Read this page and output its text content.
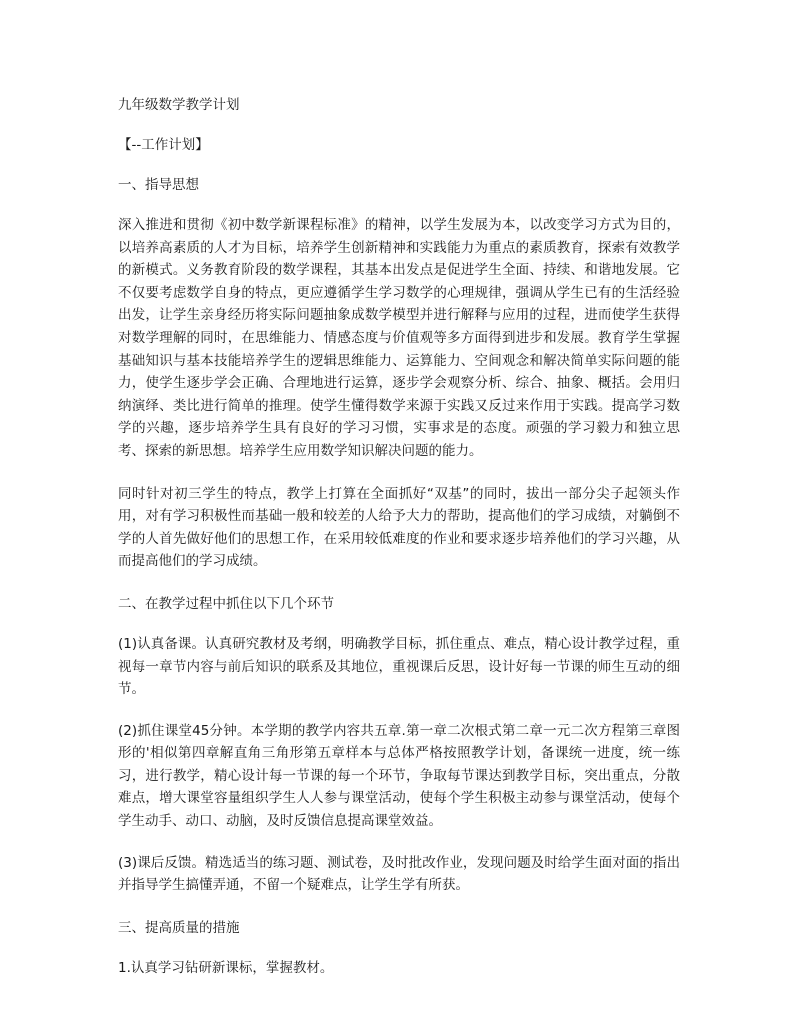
九年级数学教学计划

【--工作计划】

一、指导思想

深入推进和贯彻《初中数学新课程标准》的精神，以学生发展为本，以改变学习方式为目的，以培养高素质的人才为目标，培养学生创新精神和实践能力为重点的素质教育，探索有效教学的新模式。义务教育阶段的数学课程，其基本出发点是促进学生全面、持续、和谐地发展。它不仅要考虑数学自身的特点，更应遵循学生学习数学的心理规律，强调从学生已有的生活经验出发，让学生亲身经历将实际问题抽象成数学模型并进行解释与应用的过程，进而使学生获得对数学理解的同时，在思维能力、情感态度与价值观等多方面得到进步和发展。教育学生掌握基础知识与基本技能培养学生的逻辑思维能力、运算能力、空间观念和解决简单实际问题的能力，使学生逐步学会正确、合理地进行运算，逐步学会观察分析、综合、抽象、概括。会用归纳演绎、类比进行简单的推理。使学生懂得数学来源于实践又反过来作用于实践。提高学习数学的兴趣，逐步培养学生具有良好的学习习惯，实事求是的态度。顽强的学习毅力和独立思考、探索的新思想。培养学生应用数学知识解决问题的能力。

同时针对初三学生的特点，教学上打算在全面抓好“双基”的同时，拔出一部分尖子起领头作用，对有学习积极性而基础一般和较差的人给予大力的帮助，提高他们的学习成绩，对躺倒不学的人首先做好他们的思想工作，在采用较低难度的作业和要求逐步培养他们的学习兴趣，从而提高他们的学习成绩。

二、在教学过程中抓住以下几个环节

(1)认真备课。认真研究教材及考纲，明确教学目标，抓住重点、难点，精心设计教学过程，重视每一章节内容与前后知识的联系及其地位，重视课后反思，设计好每一节课的师生互动的细节。

(2)抓住课堂45分钟。本学期的教学内容共五章.第一章二次根式第二章一元二次方程第三章图形的'相似第四章解直角三角形第五章样本与总体严格按照教学计划，备课统一进度，统一练习，进行教学，精心设计每一节课的每一个环节，争取每节课达到教学目标，突出重点，分散难点，增大课堂容量组织学生人人参与课堂活动，使每个学生积极主动参与课堂活动，使每个学生动手、动口、动脑，及时反馈信息提高课堂效益。

(3)课后反馈。精选适当的练习题、测试卷，及时批改作业，发现问题及时给学生面对面的指出并指导学生搞懂弄通，不留一个疑难点，让学生学有所获。

三、提高质量的措施

1.认真学习钻研新课标，掌握教材。
